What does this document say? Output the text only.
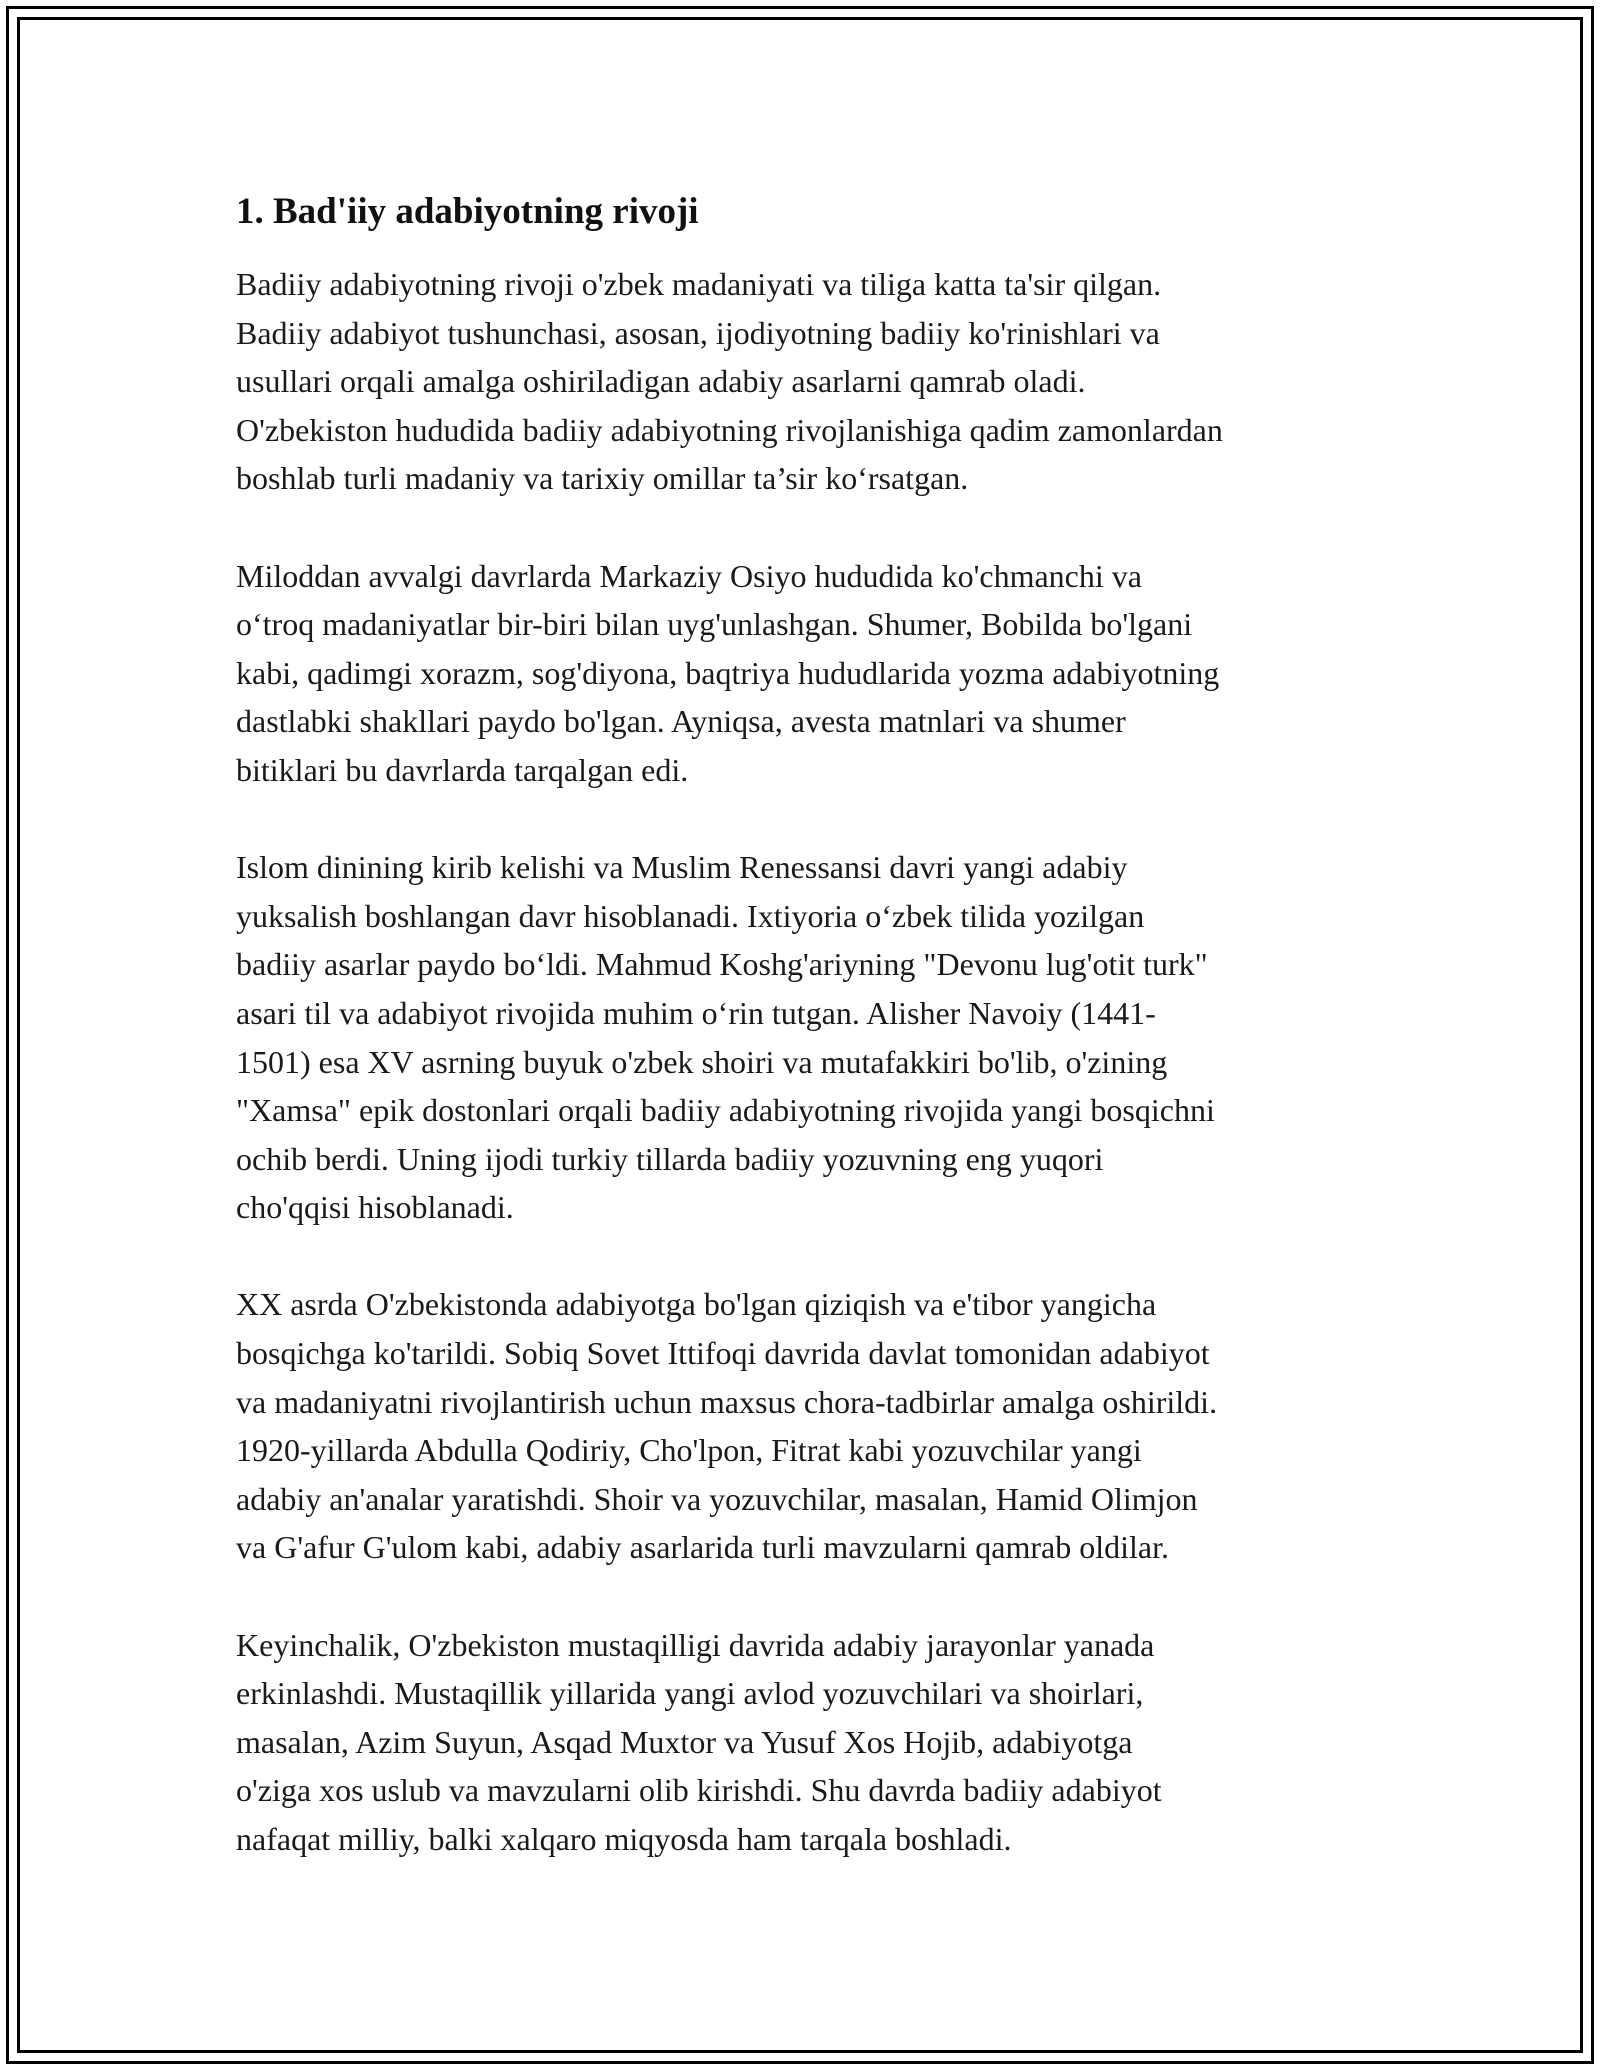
1. Bad'iiy adabiyotning rivoji

Badiiy adabiyotning rivoji o'zbek madaniyati va tiliga katta ta'sir qilgan.
Badiiy adabiyot tushunchasi, asosan, ijodiyotning badiiy ko'rinishlari va
usullari orqali amalga oshiriladigan adabiy asarlarni qamrab oladi.
O'zbekiston hududida badiiy adabiyotning rivojlanishiga qadim zamonlardan
boshlab turli madaniy va tarixiy omillar ta’sir ko‘rsatgan.

Miloddan avvalgi davrlarda Markaziy Osiyo hududida ko'chmanchi va
o‘troq madaniyatlar bir-biri bilan uyg'unlashgan. Shumer, Bobilda bo'lgani
kabi, qadimgi xorazm, sog'diyona, baqtriya hududlarida yozma adabiyotning
dastlabki shakllari paydo bo'lgan. Ayniqsa, avesta matnlari va shumer
bitiklari bu davrlarda tarqalgan edi.

Islom dinining kirib kelishi va Muslim Renessansi davri yangi adabiy
yuksalish boshlangan davr hisoblanadi. Ixtiyoria o‘zbek tilida yozilgan
badiiy asarlar paydo bo‘ldi. Mahmud Koshg'ariyning "Devonu lug'otit turk"
asari til va adabiyot rivojida muhim o‘rin tutgan. Alisher Navoiy (1441-
1501) esa XV asrning buyuk o'zbek shoiri va mutafakkiri bo'lib, o'zining
"Xamsa" epik dostonlari orqali badiiy adabiyotning rivojida yangi bosqichni
ochib berdi. Uning ijodi turkiy tillarda badiiy yozuvning eng yuqori
cho'qqisi hisoblanadi.

XX asrda O'zbekistonda adabiyotga bo'lgan qiziqish va e'tibor yangicha
bosqichga ko'tarildi. Sobiq Sovet Ittifoqi davrida davlat tomonidan adabiyot
va madaniyatni rivojlantirish uchun maxsus chora-tadbirlar amalga oshirildi.
1920-yillarda Abdulla Qodiriy, Cho'lpon, Fitrat kabi yozuvchilar yangi
adabiy an'analar yaratishdi. Shoir va yozuvchilar, masalan, Hamid Olimjon
va G'afur G'ulom kabi, adabiy asarlarida turli mavzularni qamrab oldilar.

Keyinchalik, O'zbekiston mustaqilligi davrida adabiy jarayonlar yanada
erkinlashdi. Mustaqillik yillarida yangi avlod yozuvchilari va shoirlari,
masalan, Azim Suyun, Asqad Muxtor va Yusuf Xos Hojib, adabiyotga
o'ziga xos uslub va mavzularni olib kirishdi. Shu davrda badiiy adabiyot
nafaqat milliy, balki xalqaro miqyosda ham tarqala boshladi.
